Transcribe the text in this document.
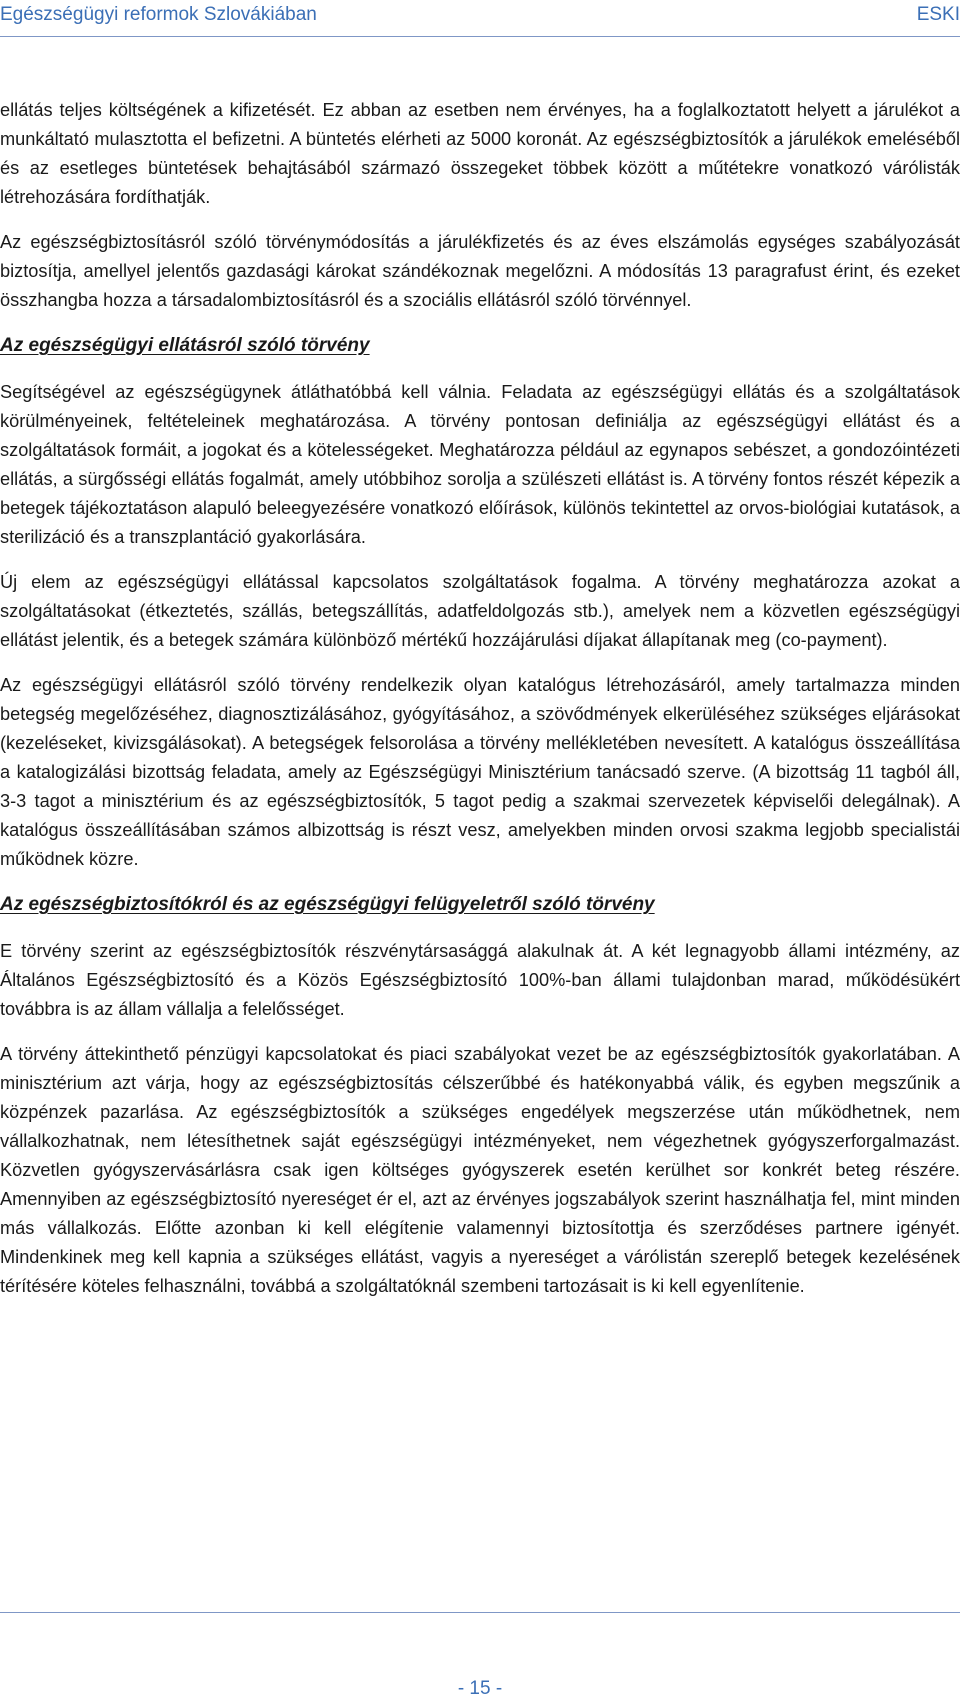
Egészségügyi reformok Szlovákiában	ESKI

ellátás teljes költségének a kifizetését. Ez abban az esetben nem érvényes, ha a foglalkoztatott helyett a járulékot a munkáltató mulasztotta el befizetni. A büntetés elérheti az 5000 koronát. Az egészségbiztosítók a járulékok emeléséből és az esetleges büntetések behajtásából származó összegeket többek között a műtétekre vonatkozó várólisták létrehozására fordíthatják.

Az egészségbiztosításról szóló törvénymódosítás a járulékfizetés és az éves elszámolás egységes szabályozását biztosítja, amellyel jelentős gazdasági károkat szándékoznak megelőzni. A módosítás 13 paragrafust érint, és ezeket összhangba hozza a társadalombiztosításról és a szociális ellátásról szóló törvénnyel.

Az egészségügyi ellátásról szóló törvény

Segítségével az egészségügynek átláthatóbbá kell válnia. Feladata az egészségügyi ellátás és a szolgáltatások körülményeinek, feltételeinek meghatározása. A törvény pontosan definiálja az egészségügyi ellátást és a szolgáltatások formáit, a jogokat és a kötelességeket. Meghatározza például az egynapos sebészet, a gondozóintézeti ellátás, a sürgősségi ellátás fogalmát, amely utóbbihoz sorolja a szülészeti ellátást is. A törvény fontos részét képezik a betegek tájékoztatáson alapuló beleegyezésére vonatkozó előírások, különös tekintettel az orvos-biológiai kutatások, a sterilizáció és a transzplantáció gyakorlására.

Új elem az egészségügyi ellátással kapcsolatos szolgáltatások fogalma. A törvény meghatározza azokat a szolgáltatásokat (étkeztetés, szállás, betegszállítás, adatfeldolgozás stb.), amelyek nem a közvetlen egészségügyi ellátást jelentik, és a betegek számára különböző mértékű hozzájárulási díjakat állapítanak meg (co-payment).

Az egészségügyi ellátásról szóló törvény rendelkezik olyan katalógus létrehozásáról, amely tartalmazza minden betegség megelőzéséhez, diagnosztizálásához, gyógyításához, a szövődmények elkerüléséhez szükséges eljárásokat (kezeléseket, kivizsgálásokat). A betegségek felsorolása a törvény mellékletében nevesített. A katalógus összeállítása a katalogizálási bizottság feladata, amely az Egészségügyi Minisztérium tanácsadó szerve. (A bizottság 11 tagból áll, 3-3 tagot a minisztérium és az egészségbiztosítók, 5 tagot pedig a szakmai szervezetek képviselői delegálnak). A katalógus összeállításában számos albizottság is részt vesz, amelyekben minden orvosi szakma legjobb specialistái működnek közre.

Az egészségbiztosítókról és az egészségügyi felügyeletről szóló törvény

E törvény szerint az egészségbiztosítók részvénytársasággá alakulnak át. A két legnagyobb állami intézmény, az Általános Egészségbiztosító és a Közös Egészségbiztosító 100%-ban állami tulajdonban marad, működésükért továbbra is az állam vállalja a felelősséget.

A törvény áttekinthető pénzügyi kapcsolatokat és piaci szabályokat vezet be az egészségbiztosítók gyakorlatában. A minisztérium azt várja, hogy az egészségbiztosítás célszerűbbé és hatékonyabbá válik, és egyben megszűnik a közpénzek pazarlása. Az egészségbiztosítók a szükséges engedélyek megszerzése után működhetnek, nem vállalkozhatnak, nem létesíthetnek saját egészségügyi intézményeket, nem végezhetnek gyógyszerforgalmazást. Közvetlen gyógyszervásárlásra csak igen költséges gyógyszerek esetén kerülhet sor konkrét beteg részére. Amennyiben az egészségbiztosító nyereséget ér el, azt az érvényes jogszabályok szerint használhatja fel, mint minden más vállalkozás. Előtte azonban ki kell elégítenie valamennyi biztosítottja és szerződéses partnere igényét. Mindenkinek meg kell kapnia a szükséges ellátást, vagyis a nyereséget a várólistán szereplő betegek kezelésének térítésére köteles felhasználni, továbbá a szolgáltatóknál szembeni tartozásait is ki kell egyenlítenie.

- 15 -
